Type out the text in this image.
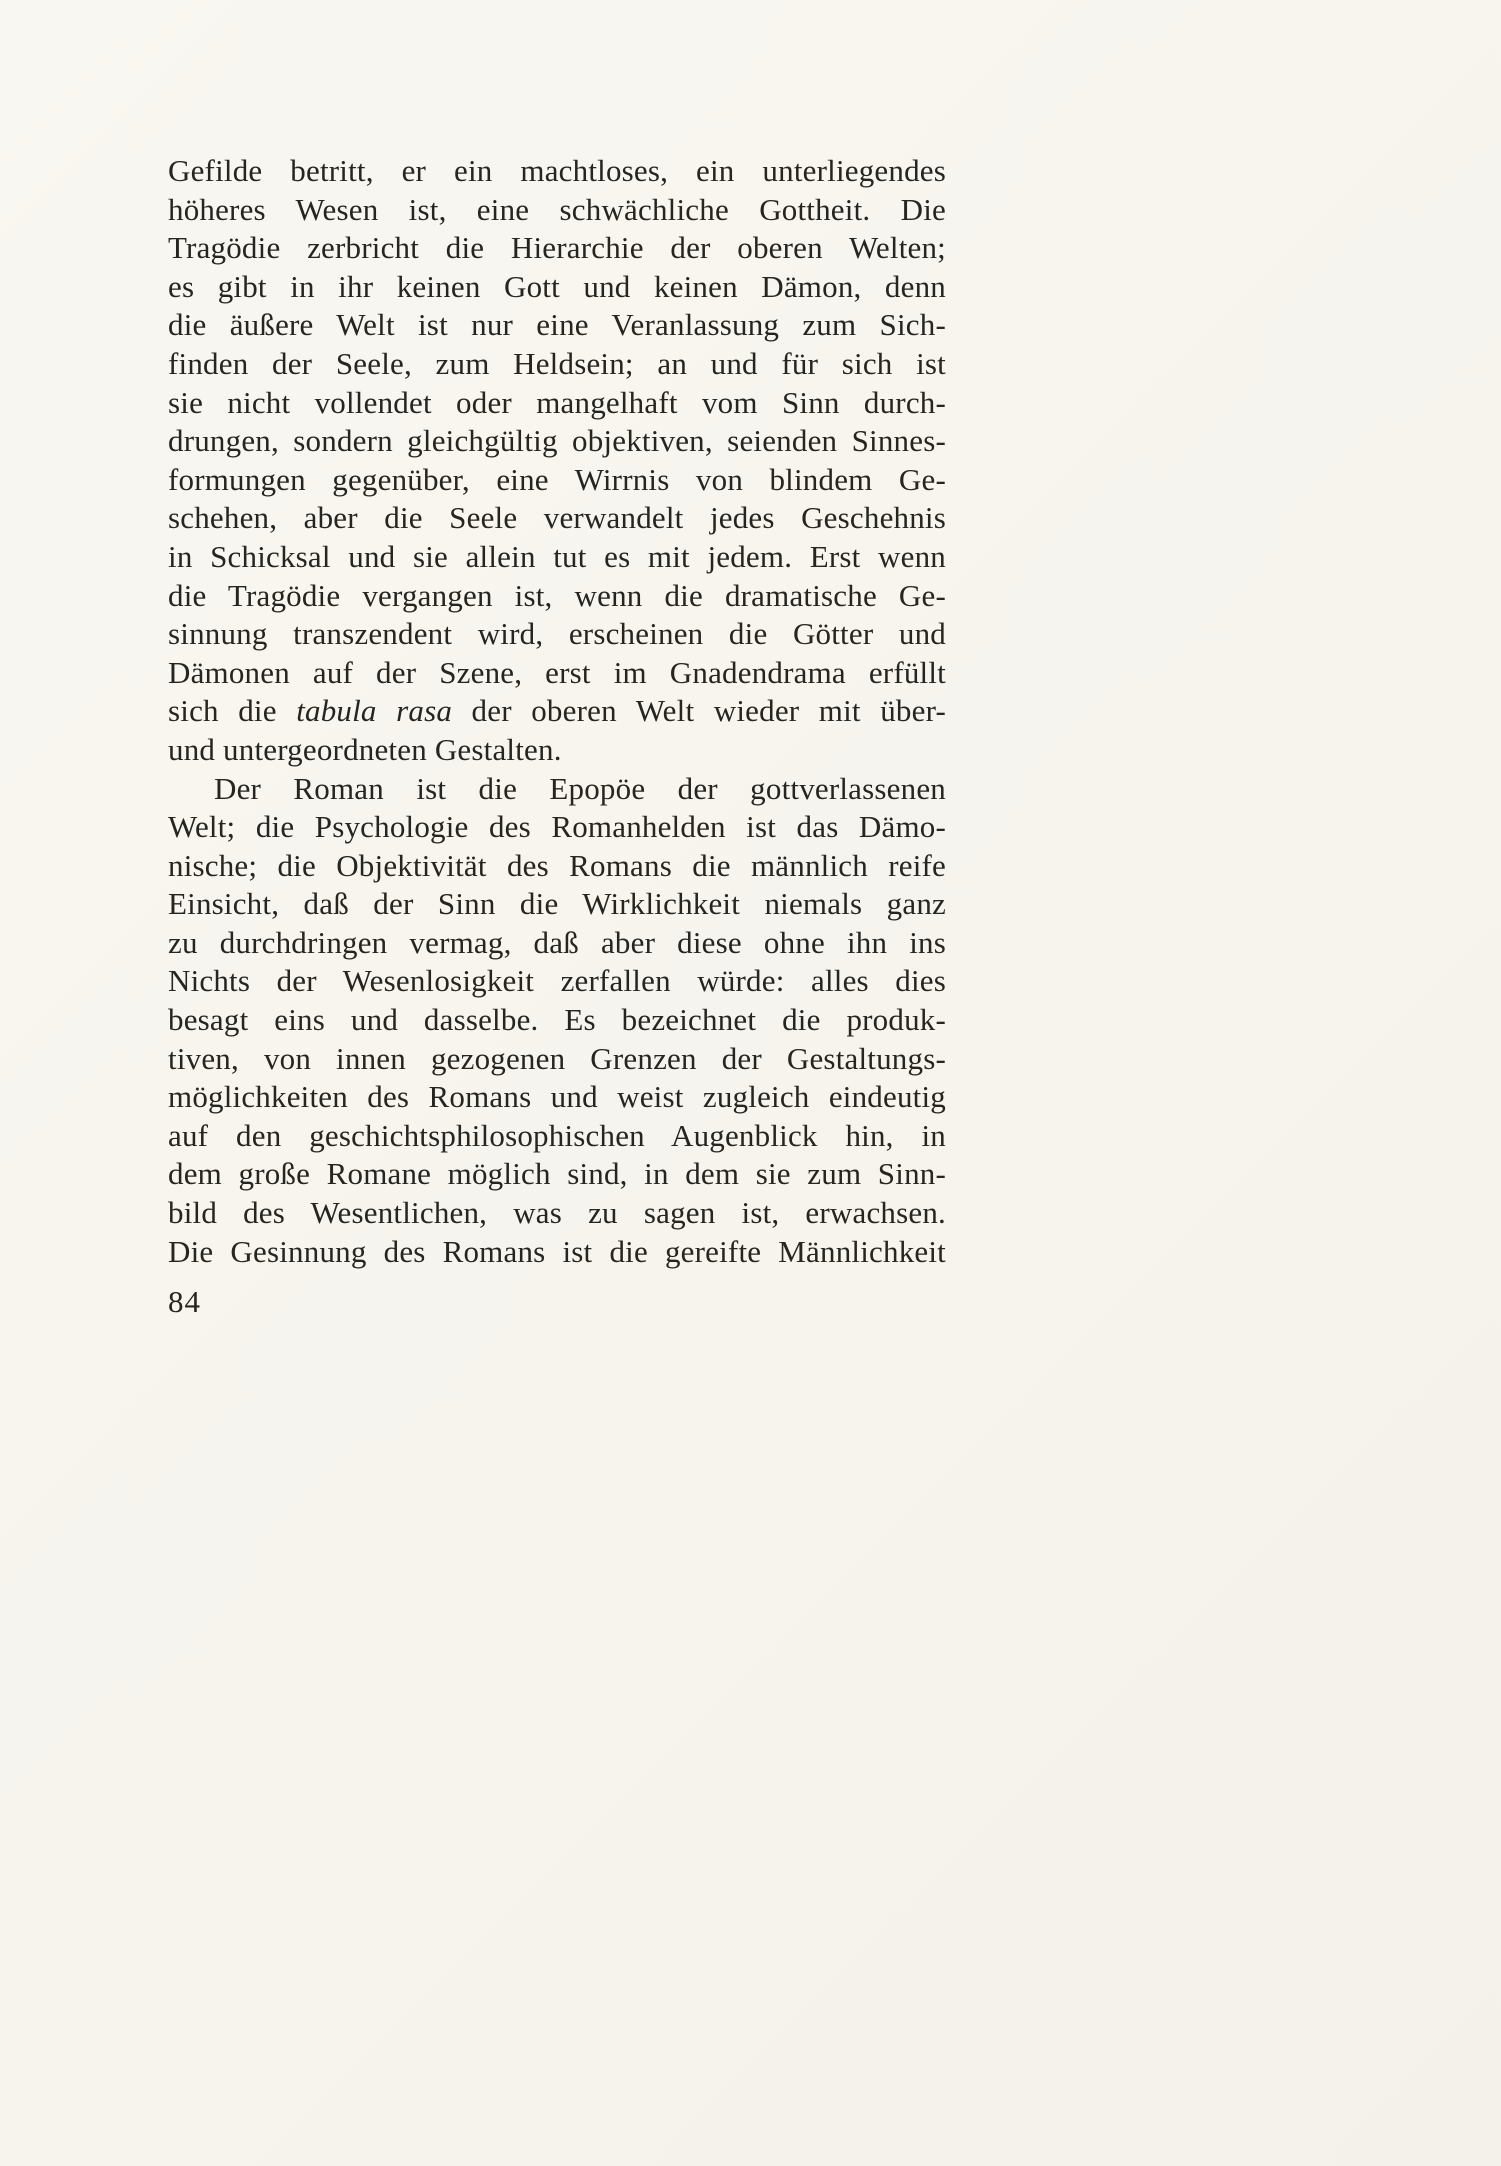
Gefilde betritt, er ein machtloses, ein unterliegendes
höheres Wesen ist, eine schwächliche Gottheit. Die
Tragödie zerbricht die Hierarchie der oberen Welten;
es gibt in ihr keinen Gott und keinen Dämon, denn
die äußere Welt ist nur eine Veranlassung zum Sich-
finden der Seele, zum Heldsein; an und für sich ist
sie nicht vollendet oder mangelhaft vom Sinn durch-
drungen, sondern gleichgültig objektiven, seienden Sinnes-
formungen gegenüber, eine Wirrnis von blindem Ge-
schehen, aber die Seele verwandelt jedes Geschehnis
in Schicksal und sie allein tut es mit jedem. Erst wenn
die Tragödie vergangen ist, wenn die dramatische Ge-
sinnung transzendent wird, erscheinen die Götter und
Dämonen auf der Szene, erst im Gnadendrama erfüllt
sich die tabula rasa der oberen Welt wieder mit über-
und untergeordneten Gestalten.
Der Roman ist die Epopöe der gottverlassenen
Welt; die Psychologie des Romanhelden ist das Dämo-
nische; die Objektivität des Romans die männlich reife
Einsicht, daß der Sinn die Wirklichkeit niemals ganz
zu durchdringen vermag, daß aber diese ohne ihn ins
Nichts der Wesenlosigkeit zerfallen würde: alles dies
besagt eins und dasselbe. Es bezeichnet die produk-
tiven, von innen gezogenen Grenzen der Gestaltungs-
möglichkeiten des Romans und weist zugleich eindeutig
auf den geschichtsphilosophischen Augenblick hin, in
dem große Romane möglich sind, in dem sie zum Sinn-
bild des Wesentlichen, was zu sagen ist, erwachsen.
Die Gesinnung des Romans ist die gereifte Männlichkeit
84
